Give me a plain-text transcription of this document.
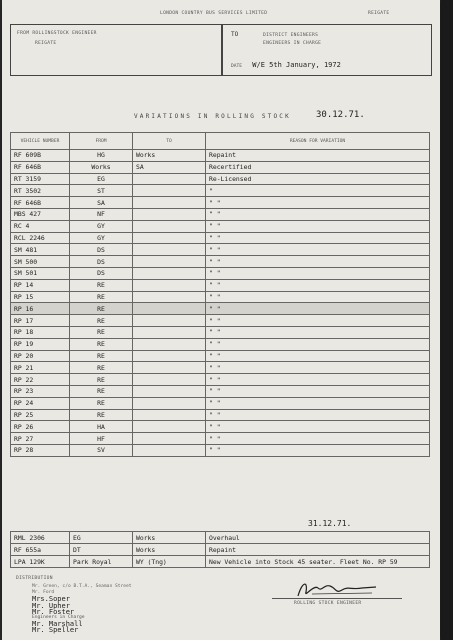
LONDON COUNTRY BUS SERVICES LIMITED	REIGATE
FROM ROLLINGSTOCK ENGINEER
REIGATE
TO	DISTRICT ENGINEERS
ENGINEERS IN CHARGE
DATE W/E 5th January, 1972
VARIATIONS IN ROLLING STOCK	30.12.71.
VEHICLE NUMBER	FROM	TO	REASON FOR VARIATION
RF 609B	HG	Works	Repaint
RF 646B	Works	SA	Recertified
RT 3159	EG		Re-Licensed
RT 3502	ST		"
RF 646B	SA		" "
MBS 427	NF		" "
RC 4	GY		" "
RCL 2246	GY		" "
SM 481	DS		" "
SM 500	DS		" "
SM 501	DS		" "
RP 14	RE		" "
RP 15	RE		" "
RP 16	RE		" "
RP 17	RE		" "
RP 18	RE		" "
RP 19	RE		" "
RP 20	RE		" "
RP 21	RE		" "
RP 22	RE		" "
RP 23	RE		" "
RP 24	RE		" "
RP 25	RE		" "
RP 26	HA		" "
RP 27	HF		" "
RP 28	SV		" "
31.12.71.
RML 2306	EG	Works	Overhaul
RF 655a	DT	Works	Repaint
LPA 129K	Park Royal	WY (Tng)	New Vehicle into Stock 45 seater. Fleet No. RP 59
DISTRIBUTION
Mr. Green, c/o B.T.A., Seaman Street
Mr. Ford
Mrs.Soper
Mr. Upher
Mr. Foster
Engineers in Charge
Mr. Marshall
Mr. Speller
ROLLING STOCK ENGINEER
